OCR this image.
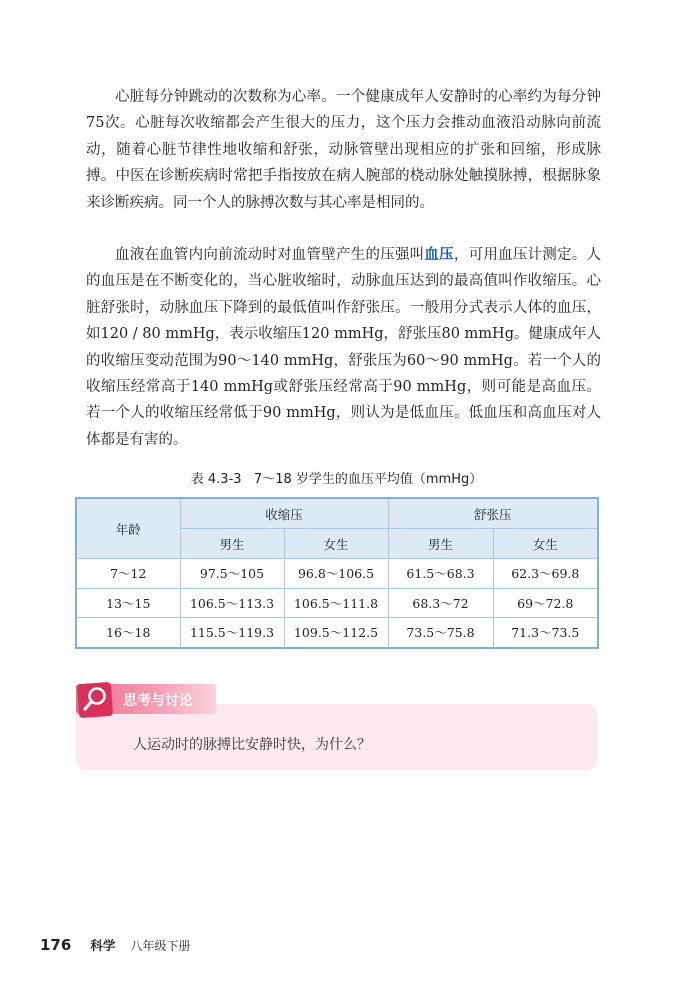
心脏每分钟跳动的次数称为心率。一个健康成年人安静时的心率约为每分钟75次。心脏每次收缩都会产生很大的压力，这个压力会推动血液沿动脉向前流动，随着心脏节律性地收缩和舒张，动脉管壁出现相应的扩张和回缩，形成脉搏。中医在诊断疾病时常把手指按放在病人腕部的桡动脉处触摸脉搏，根据脉象来诊断疾病。同一个人的脉搏次数与其心率是相同的。

血液在血管内向前流动时对血管壁产生的压强叫血压，可用血压计测定。人的血压是在不断变化的，当心脏收缩时，动脉血压达到的最高值叫作收缩压。心脏舒张时，动脉血压下降到的最低值叫作舒张压。一般用分式表示人体的血压，如120 / 80 mmHg，表示收缩压120 mmHg，舒张压80 mmHg。健康成年人的收缩压变动范围为90～140 mmHg，舒张压为60～90 mmHg。若一个人的收缩压经常高于140 mmHg或舒张压经常高于90 mmHg，则可能是高血压。若一个人的收缩压经常低于90 mmHg，则认为是低血压。低血压和高血压对人体都是有害的。

表 4.3-3   7～18 岁学生的血压平均值（mmHg）
年龄	收缩压		舒张压	
	男生	女生	男生	女生
7～12	97.5～105	96.8～106.5	61.5～68.3	62.3～69.8
13～15	106.5～113.3	106.5～111.8	68.3～72	69～72.8
16～18	115.5～119.3	109.5～112.5	73.5～75.8	71.3～73.5
思考与讨论
人运动时的脉搏比安静时快，为什么？
176 科学 八年级下册
